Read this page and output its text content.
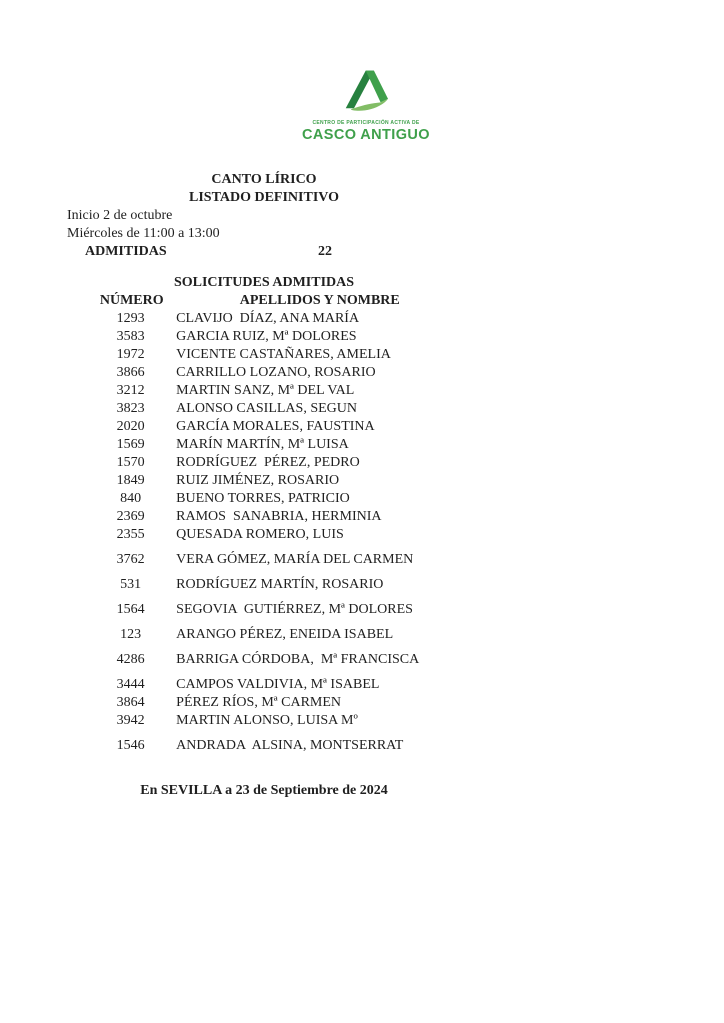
CENTRO DE PARTICIPACIÓN ACTIVA DE
CASCO ANTIGUO
CANTO LÍRICO
LISTADO DEFINITIVO
Inicio 2 de octubre
Miércoles de 11:00 a 13:00
ADMITIDAS	22
SOLICITUDES ADMITIDAS
NÚMERO	APELLIDOS Y NOMBRE
1293	CLAVIJO  DÍAZ, ANA MARÍA
3583	GARCIA RUIZ, Mª DOLORES
1972	VICENTE CASTAÑARES, AMELIA
3866	CARRILLO LOZANO, ROSARIO
3212	MARTIN SANZ, Mª DEL VAL
3823	ALONSO CASILLAS, SEGUN
2020	GARCÍA MORALES, FAUSTINA
1569	MARÍN MARTÍN, Mª LUISA
1570	RODRÍGUEZ  PÉREZ, PEDRO
1849	RUIZ JIMÉNEZ, ROSARIO
840	BUENO TORRES, PATRICIO
2369	RAMOS  SANABRIA, HERMINIA
2355	QUESADA ROMERO, LUIS
3762	VERA GÓMEZ, MARÍA DEL CARMEN
531	RODRÍGUEZ MARTÍN, ROSARIO
1564	SEGOVIA  GUTIÉRREZ, Mª DOLORES
123	ARANGO PÉREZ, ENEIDA ISABEL
4286	BARRIGA CÓRDOBA,  Mª FRANCISCA
3444	CAMPOS VALDIVIA, Mª ISABEL
3864	PÉREZ RÍOS, Mª CARMEN
3942	MARTIN ALONSO, LUISA Mº
1546	ANDRADA  ALSINA, MONTSERRAT
En SEVILLA a 23 de Septiembre de 2024
